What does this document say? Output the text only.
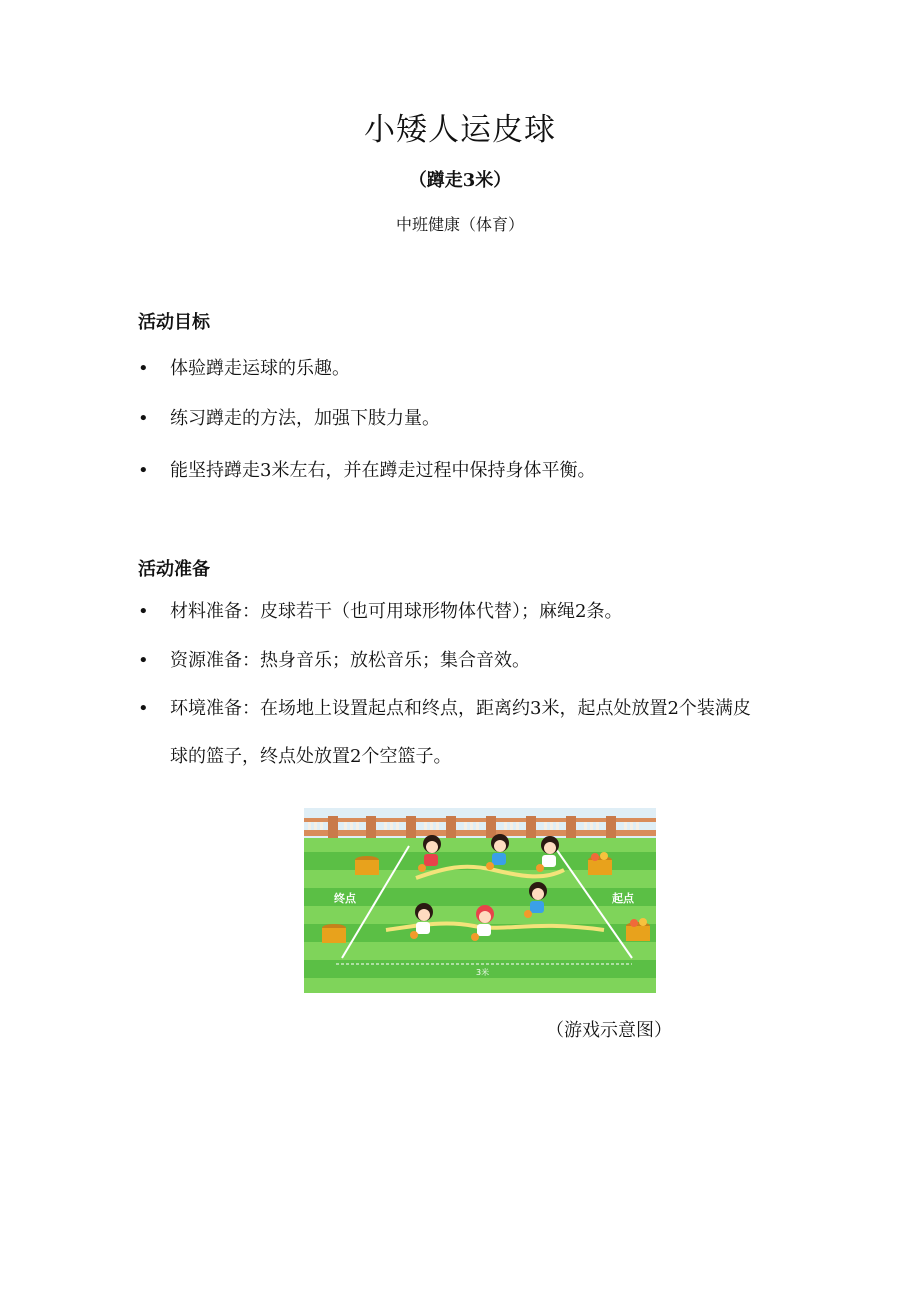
小矮人运皮球
（蹲走3米）
中班健康（体育）
活动目标
• 体验蹲走运球的乐趣。
• 练习蹲走的方法，加强下肢力量。
• 能坚持蹲走3米左右，并在蹲走过程中保持身体平衡。
活动准备
• 材料准备：皮球若干（也可用球形物体代替）；麻绳2条。
• 资源准备：热身音乐；放松音乐；集合音效。
• 环境准备：在场地上设置起点和终点，距离约3米，起点处放置2个装满皮
球的篮子，终点处放置2个空篮子。
终点	起点
3米
（游戏示意图）
